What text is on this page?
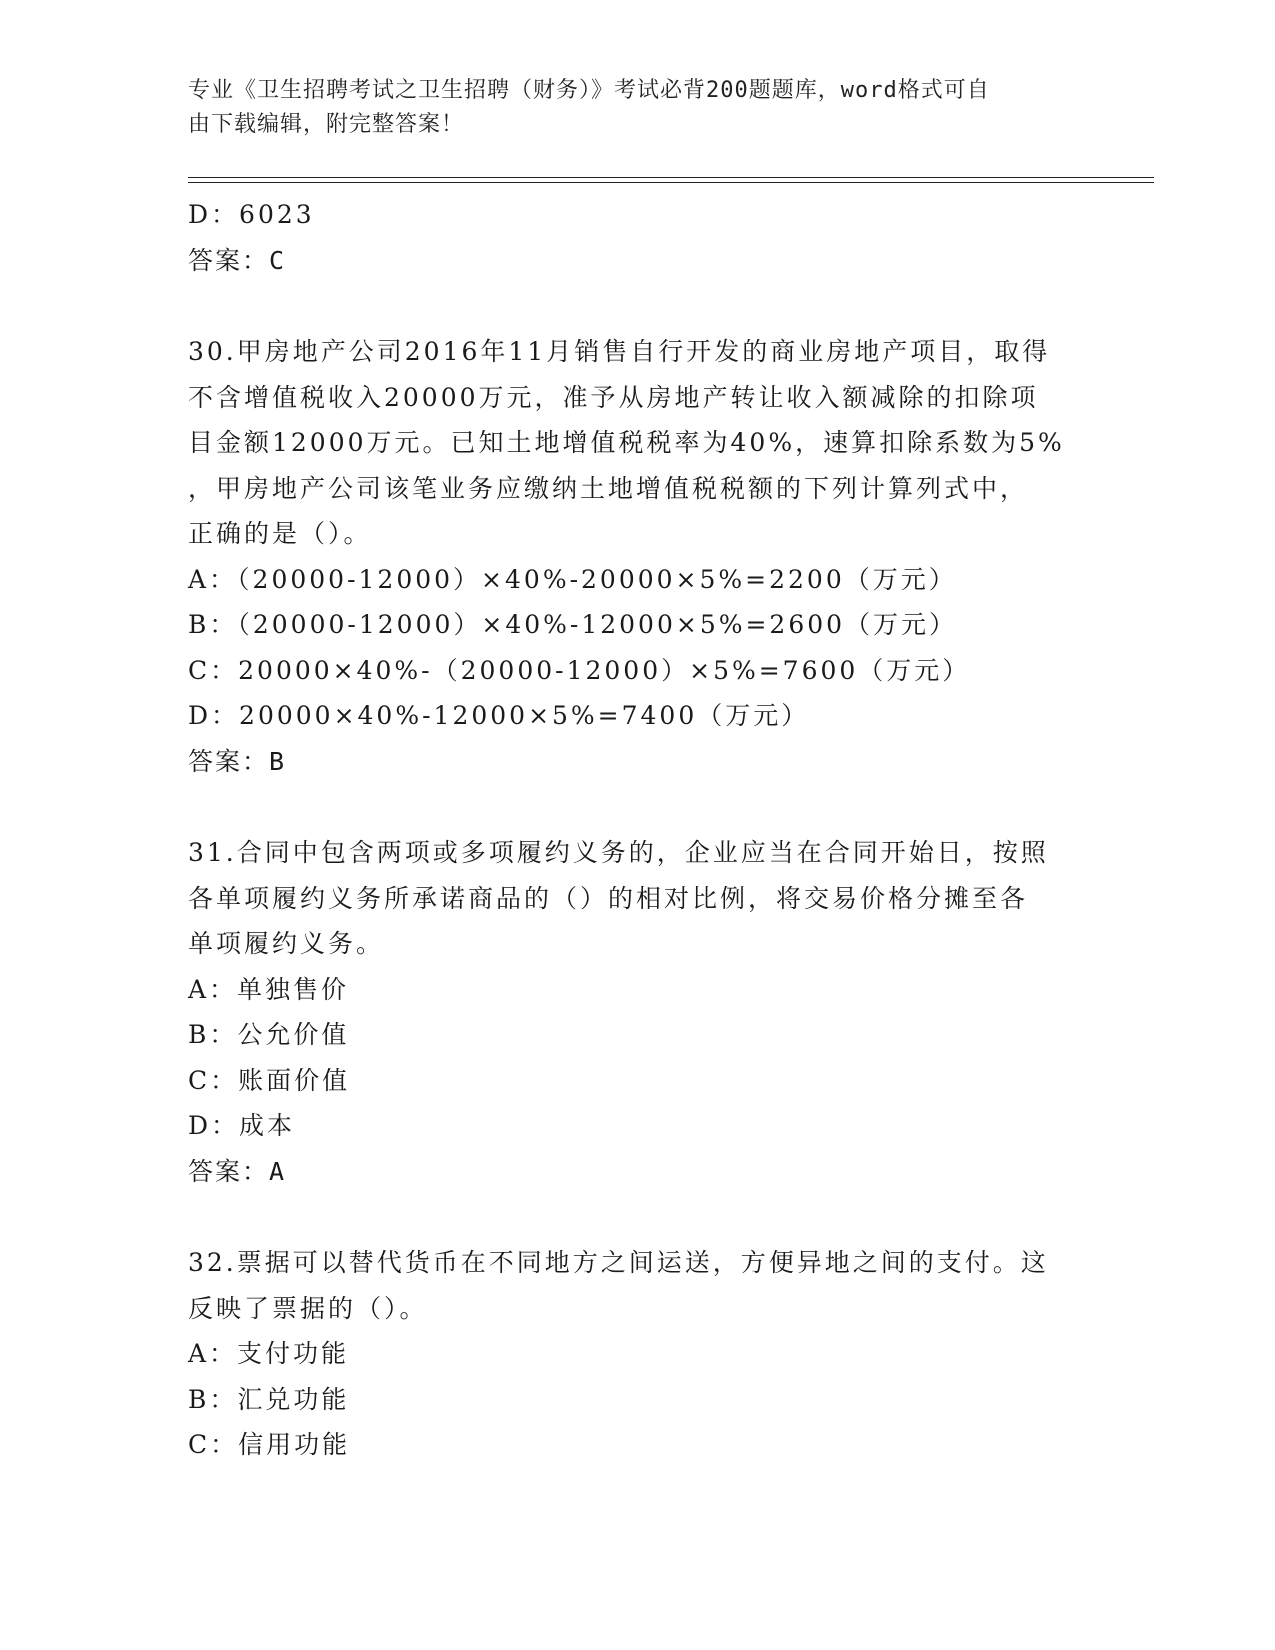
专业《卫生招聘考试之卫生招聘（财务）》考试必背200题题库，word格式可自
由下载编辑，附完整答案！
D：6023
答案：C
30.甲房地产公司2016年11月销售自行开发的商业房地产项目，取得
不含增值税收入20000万元，准予从房地产转让收入额减除的扣除项
目金额12000万元。已知土地增值税税率为40%，速算扣除系数为5%
，甲房地产公司该笔业务应缴纳土地增值税税额的下列计算列式中，
正确的是（）。
A：（20000-12000）×40%-20000×5%=2200（万元）
B：（20000-12000）×40%-12000×5%=2600（万元）
C：20000×40%-（20000-12000）×5%=7600（万元）
D：20000×40%-12000×5%=7400（万元）
答案：B
31.合同中包含两项或多项履约义务的，企业应当在合同开始日，按照
各单项履约义务所承诺商品的（）的相对比例，将交易价格分摊至各
单项履约义务。
A：单独售价
B：公允价值
C：账面价值
D：成本
答案：A
32.票据可以替代货币在不同地方之间运送，方便异地之间的支付。这
反映了票据的（）。
A：支付功能
B：汇兑功能
C：信用功能
